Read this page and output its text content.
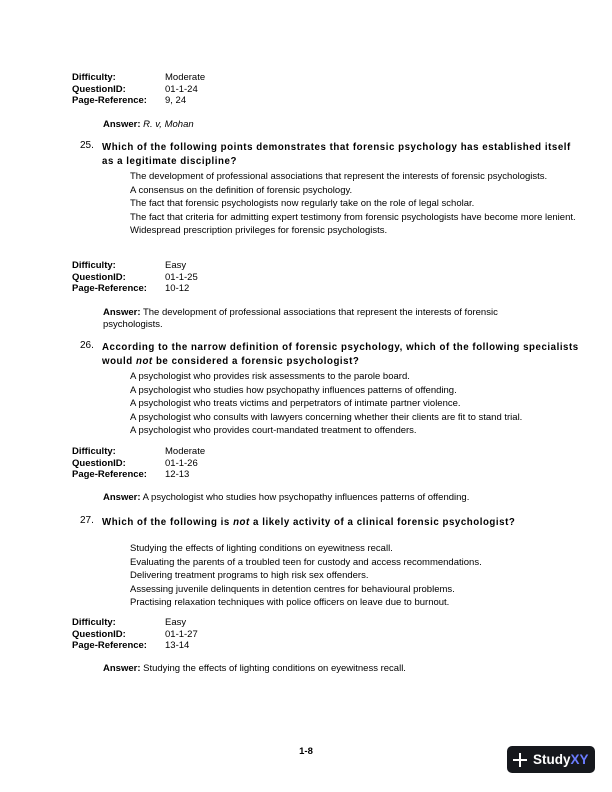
Difficulty:	Moderate
QuestionID:	01-1-24
Page-Reference:	9, 24
Answer: R. v, Mohan
25. Which of the following points demonstrates that forensic psychology has established itself as a legitimate discipline?
The development of professional associations that represent the interests of forensic psychologists.
A consensus on the definition of forensic psychology.
The fact that forensic psychologists now regularly take on the role of legal scholar.
The fact that criteria for admitting expert testimony from forensic psychologists have become more lenient.
Widespread prescription privileges for forensic psychologists.
Difficulty:	Easy
QuestionID:	01-1-25
Page-Reference:	10-12
Answer: The development of professional associations that represent the interests of forensic psychologists.
26. According to the narrow definition of forensic psychology, which of the following specialists would not be considered a forensic psychologist?
A psychologist who provides risk assessments to the parole board.
A psychologist who studies how psychopathy influences patterns of offending.
A psychologist who treats victims and perpetrators of intimate partner violence.
A psychologist who consults with lawyers concerning whether their clients are fit to stand trial.
A psychologist who provides court-mandated treatment to offenders.
Difficulty:	Moderate
QuestionID:	01-1-26
Page-Reference:	12-13
Answer: A psychologist who studies how psychopathy influences patterns of offending.
27. Which of the following is not a likely activity of a clinical forensic psychologist?
Studying the effects of lighting conditions on eyewitness recall.
Evaluating the parents of a troubled teen for custody and access recommendations.
Delivering treatment programs to high risk sex offenders.
Assessing juvenile delinquents in detention centres for behavioural problems.
Practising relaxation techniques with police officers on leave due to burnout.
Difficulty:	Easy
QuestionID:	01-1-27
Page-Reference:	13-14
Answer: Studying the effects of lighting conditions on eyewitness recall.
1-8
Study XY
